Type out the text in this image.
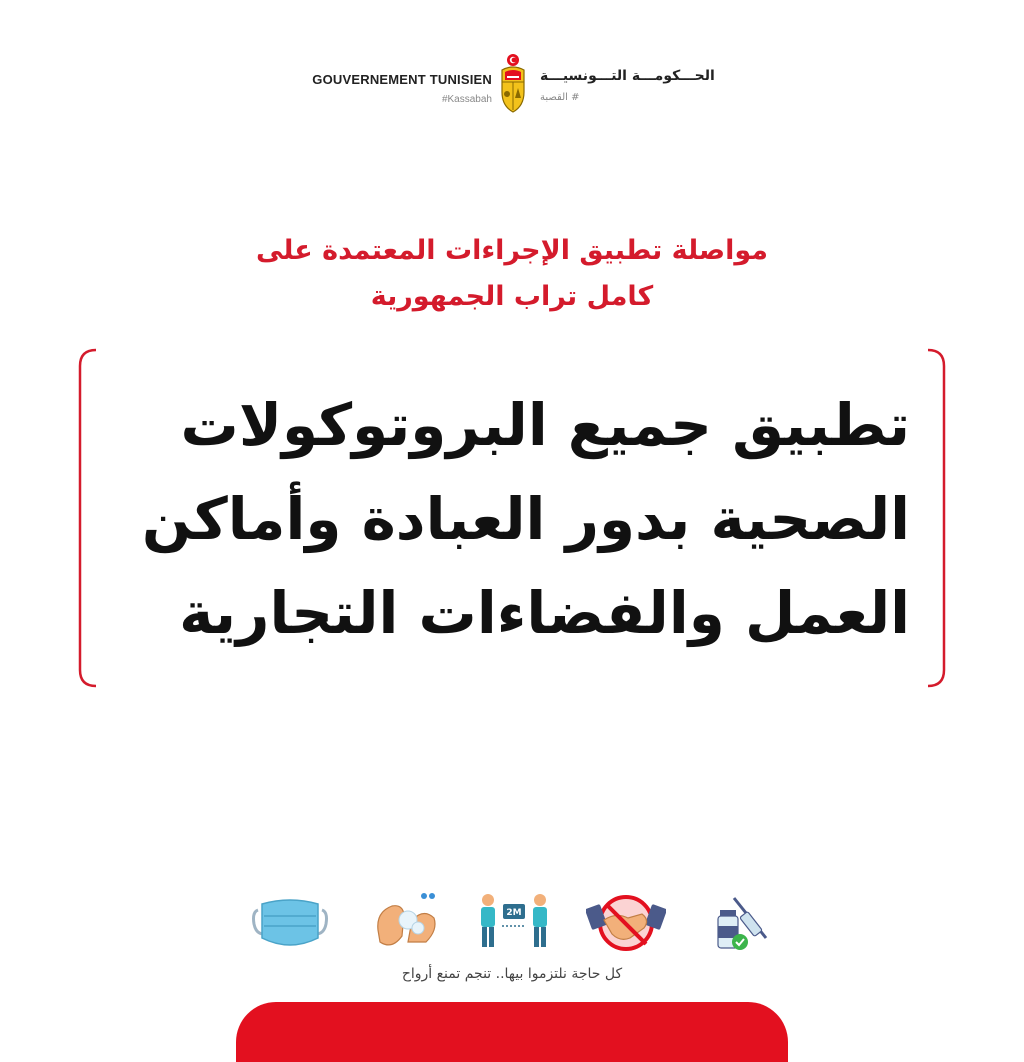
GOUVERNEMENT TUNISIEN
#Kassabah
الحـــكومـــة التـــونسيـــة
# القصبة
مواصلة تطبيق الإجراءات المعتمدة على
كامل تراب الجمهورية
تطبيق جميع البروتوكولات
الصحية بدور العبادة وأماكن
العمل والفضاءات التجارية
2M
كل حاجة نلتزموا بيها.. تنجم تمنع أرواح
